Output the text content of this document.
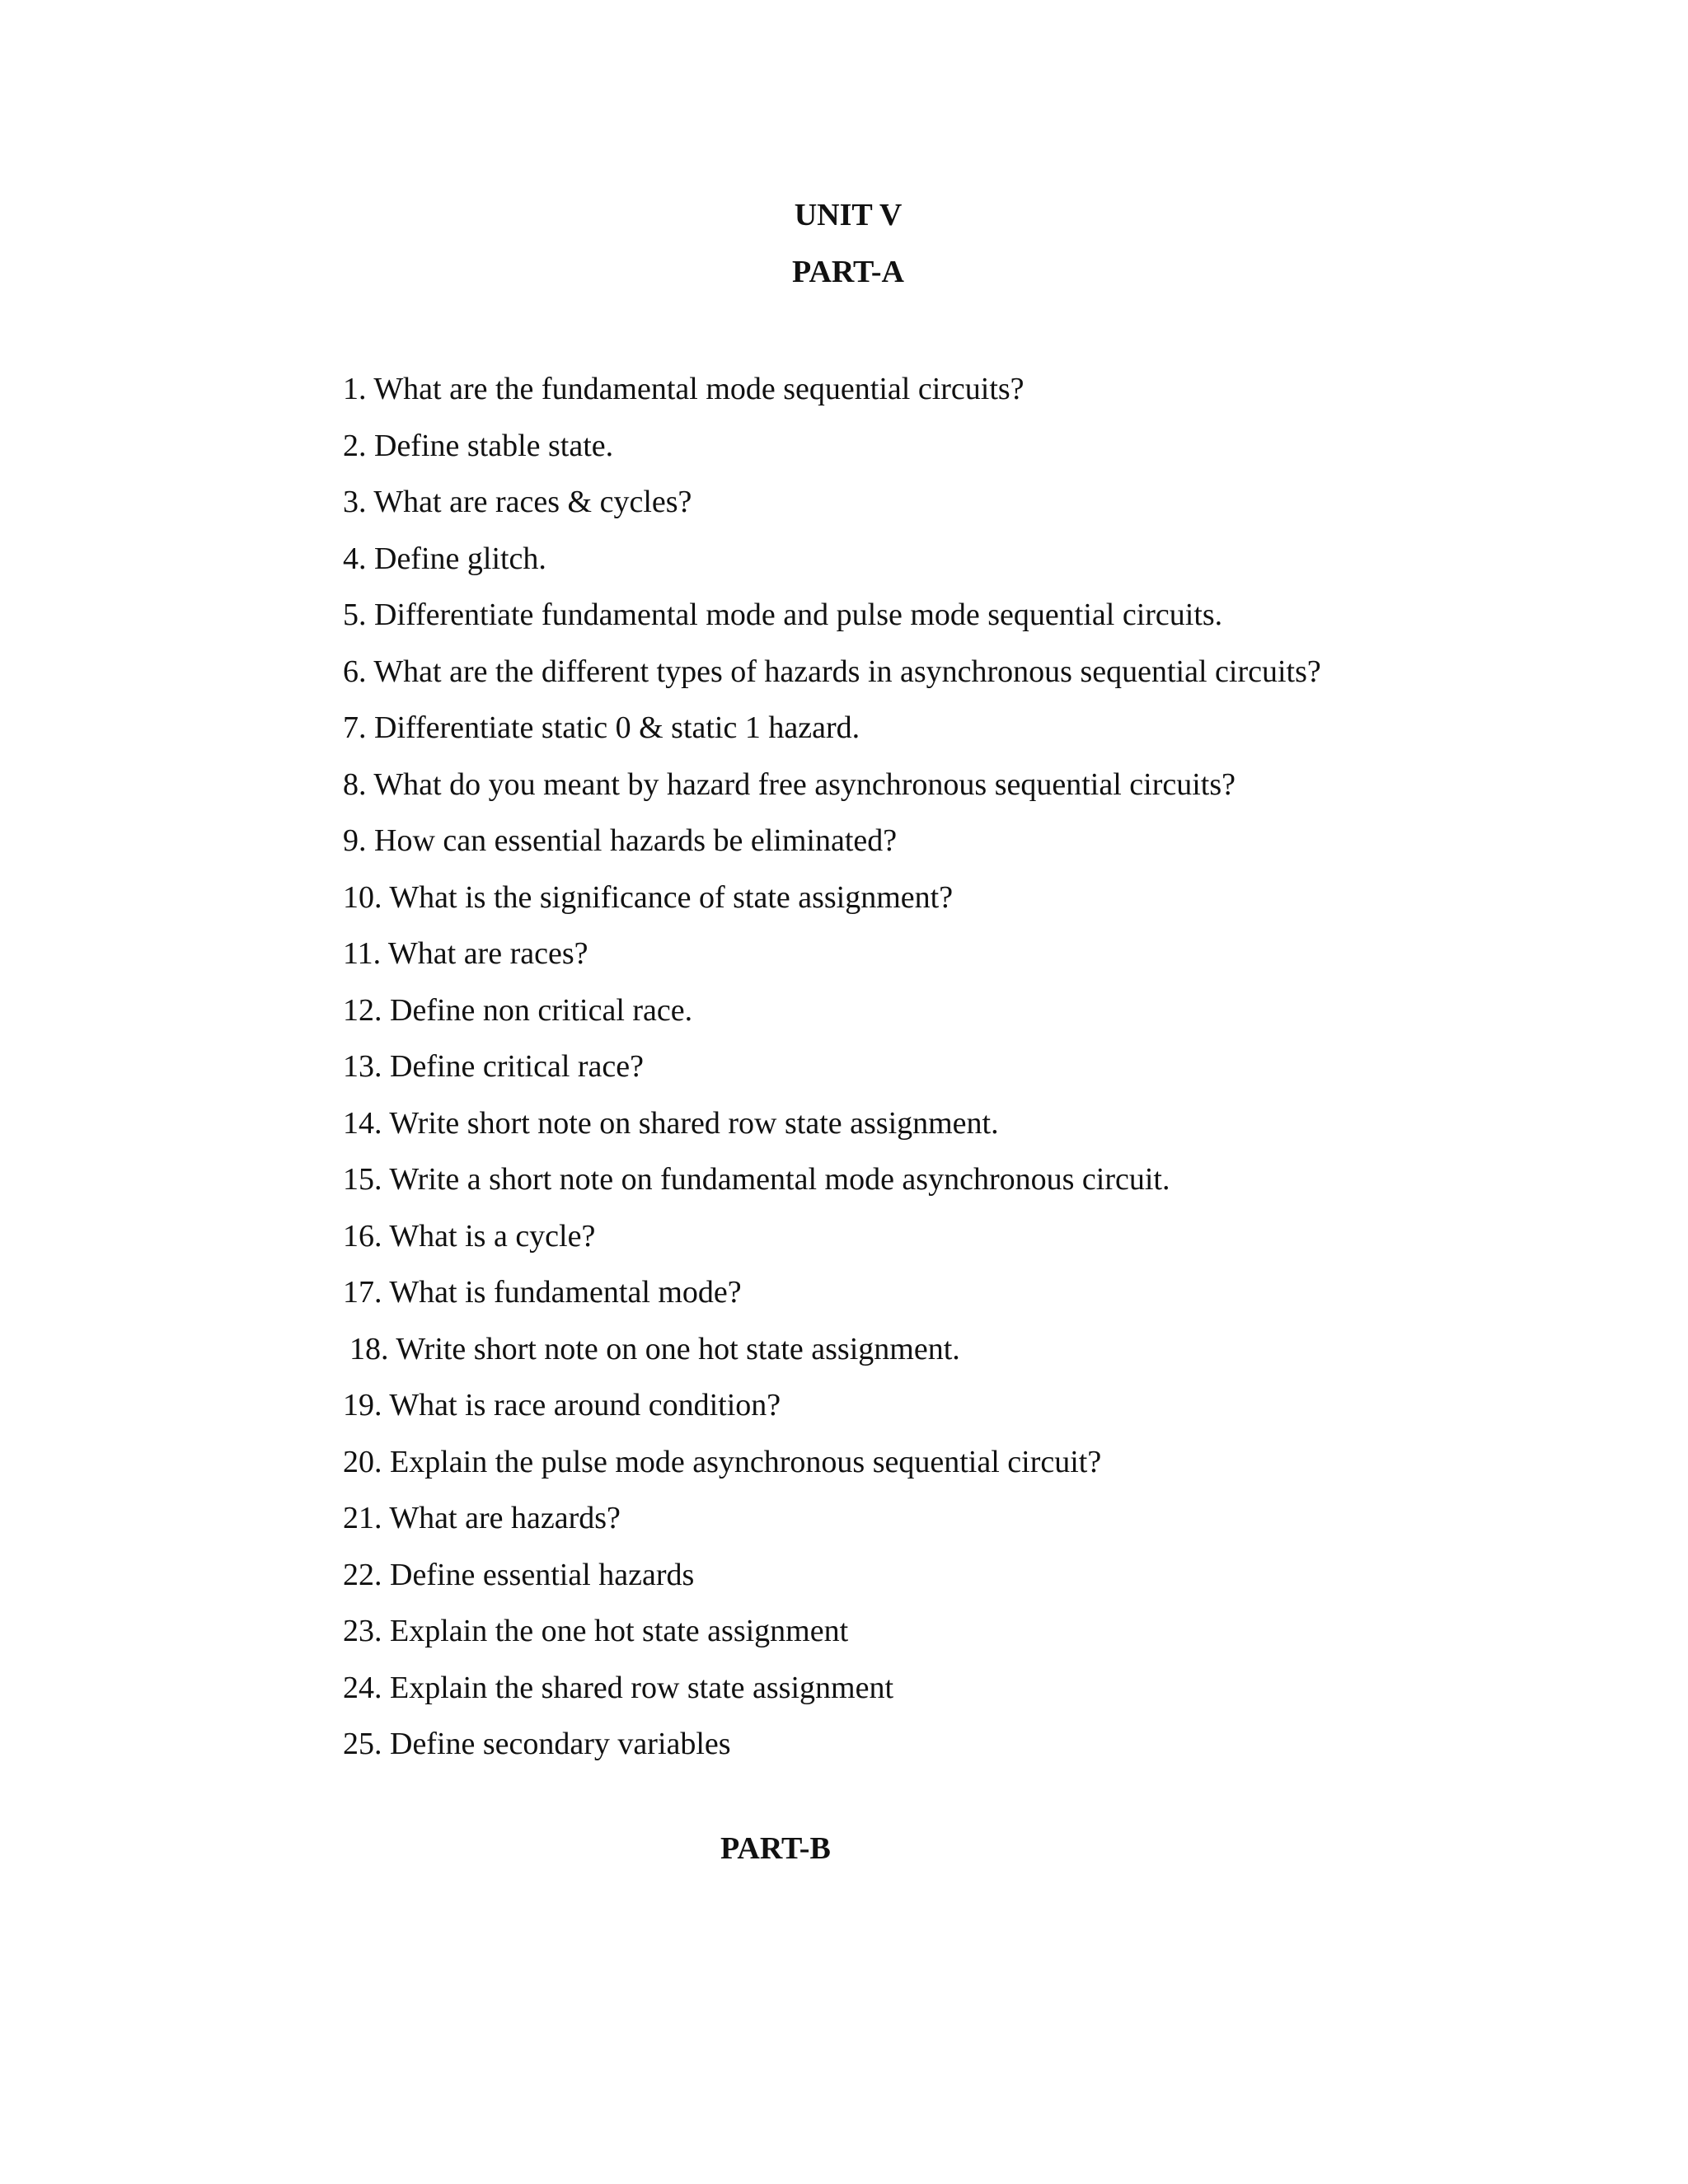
UNIT V
PART-A
1. What are the fundamental mode sequential circuits?
2. Define stable state.
3. What are races & cycles?
4. Define glitch.
5. Differentiate fundamental mode and pulse mode sequential circuits.
6. What are the different types of hazards in asynchronous sequential circuits?
7. Differentiate static 0 & static 1 hazard.
8. What do you meant by hazard free asynchronous sequential circuits?
9. How can essential hazards be eliminated?
10. What is the significance of state assignment?
11. What are races?
12. Define non critical race.
13. Define critical race?
14. Write short note on shared row state assignment.
15. Write a short note on fundamental mode asynchronous circuit.
16. What is a cycle?
17. What is fundamental mode?
18. Write short note on one hot state assignment.
19. What is race around condition?
20. Explain the pulse mode asynchronous sequential circuit?
21. What are hazards?
22. Define essential hazards
23. Explain the one hot state assignment
24. Explain the shared row state assignment
25. Define secondary variables
PART-B
